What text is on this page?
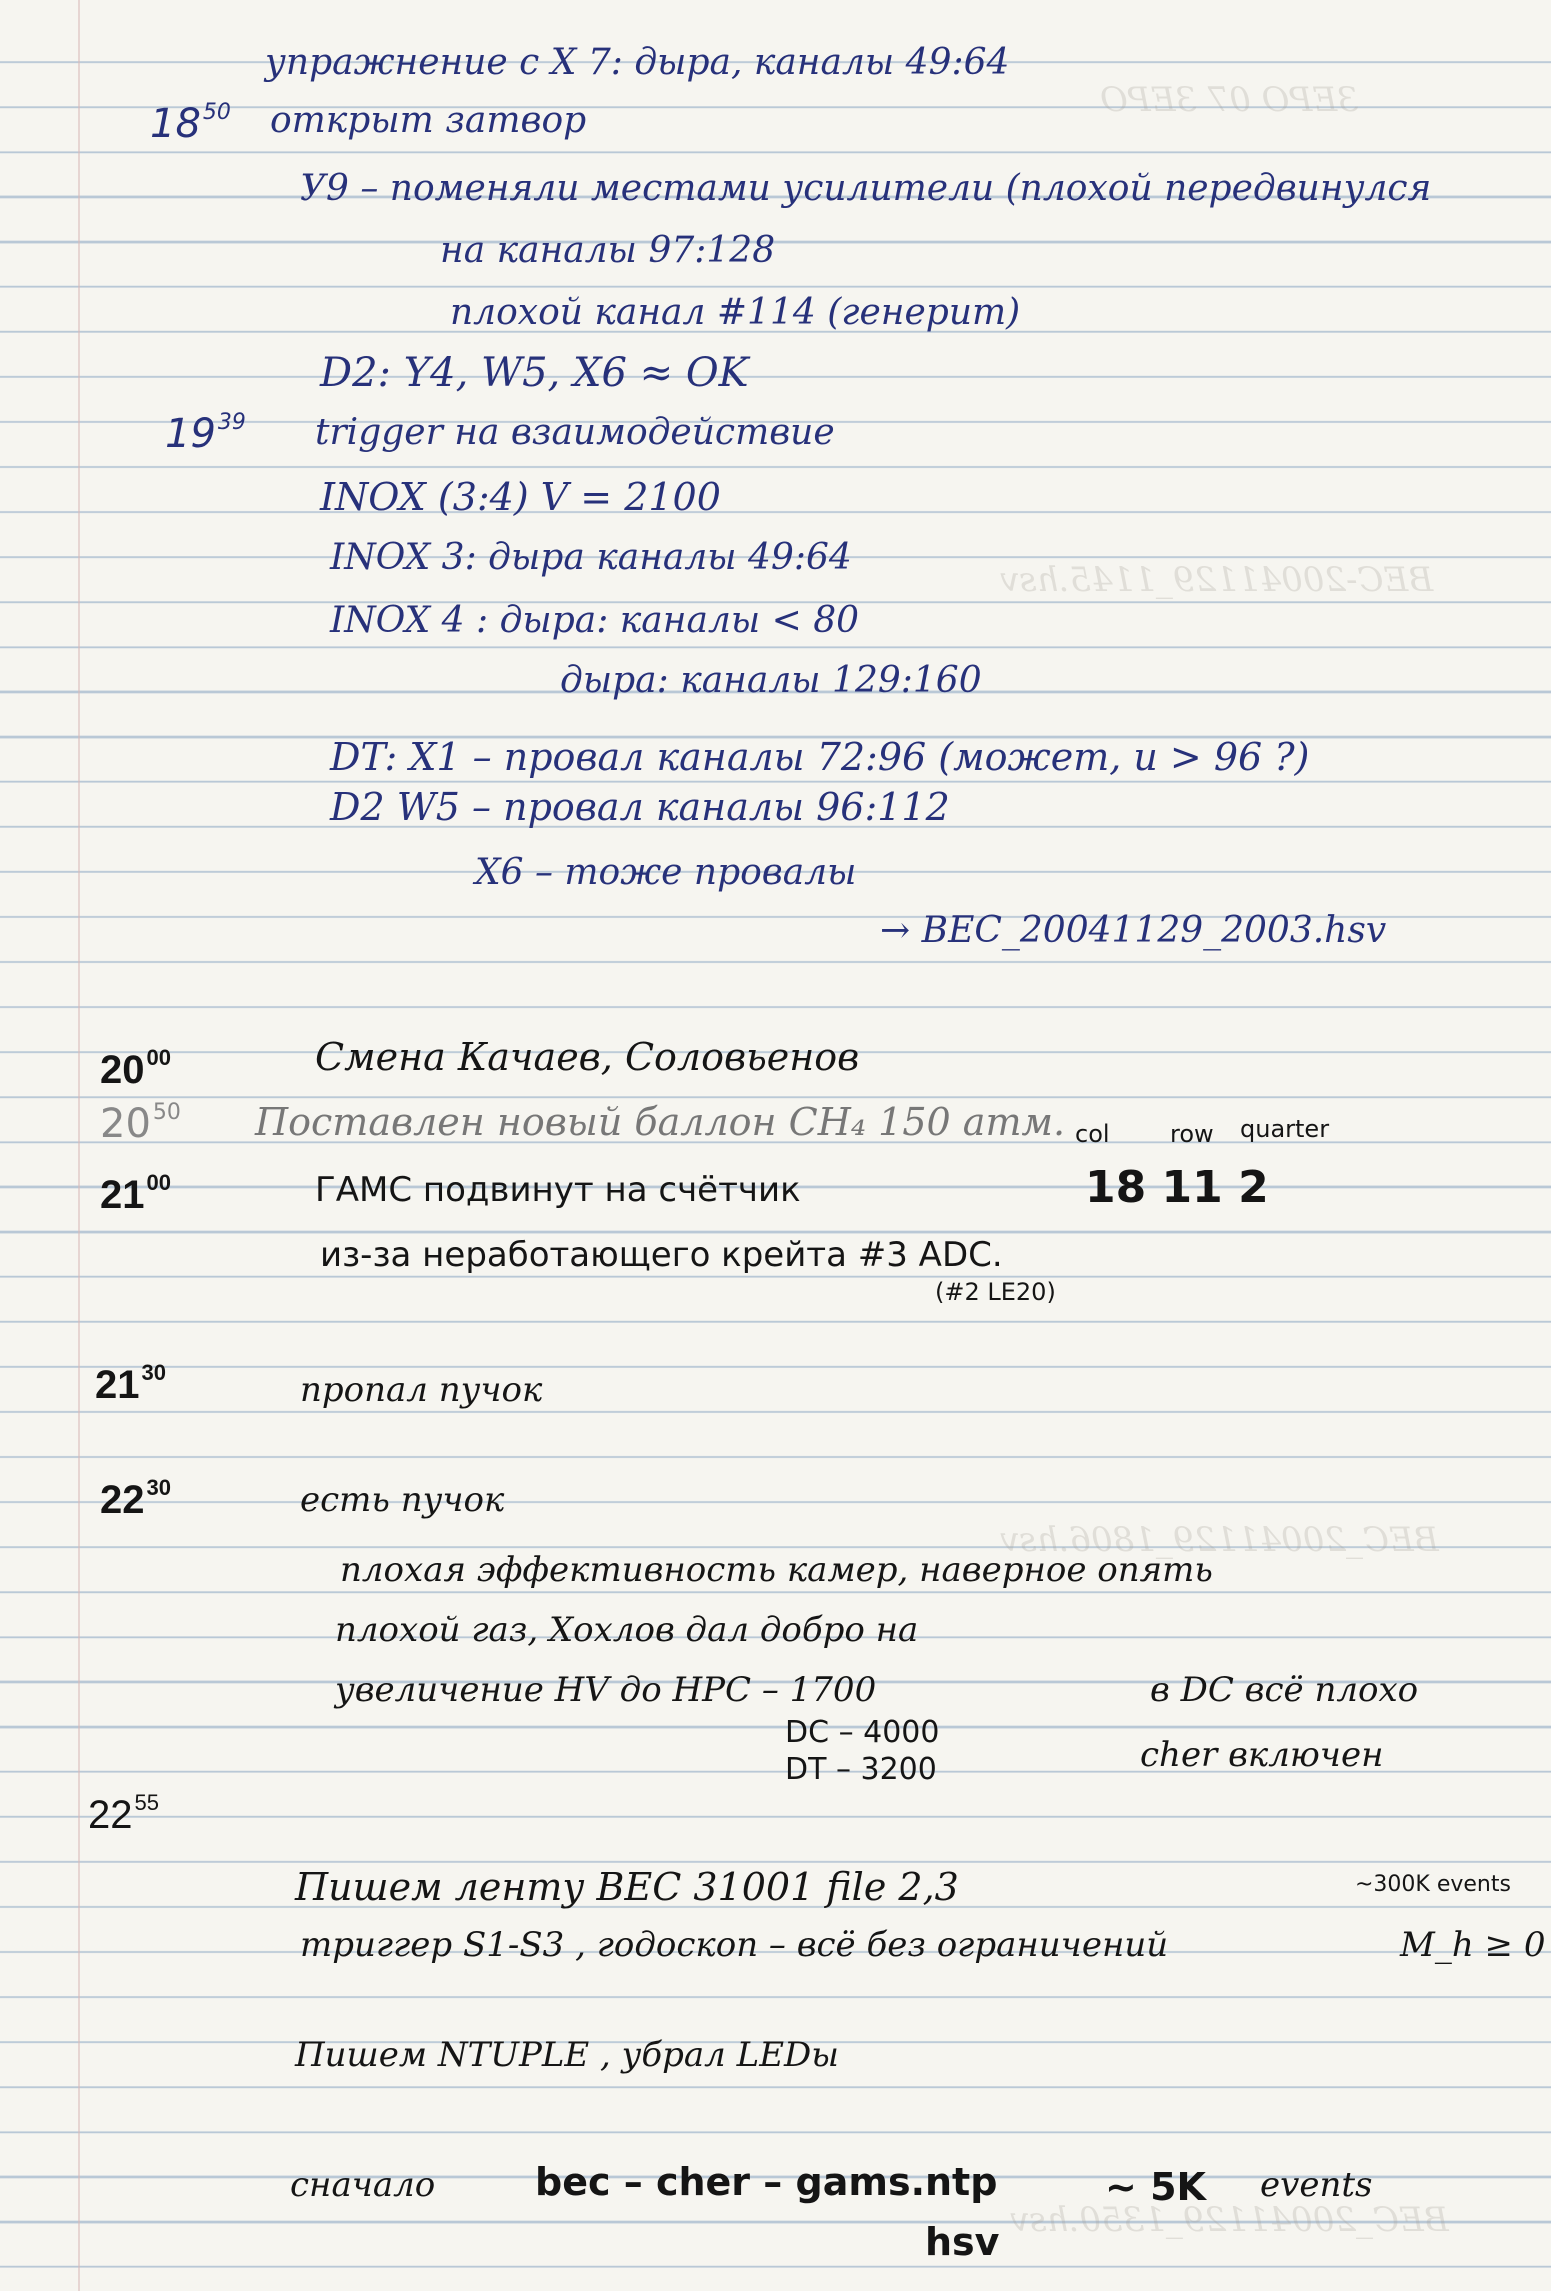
ЗЕРО 07 ЗЕРО
BEC-20041129_1145.hsv
BEC_20041129_1806.hsv
BEC_20041129_1350.hsv
$18^{50}$
упражнение с X 7: дыра, каналы 49:64
открыт затвор
У9 – поменяли местами усилители (плохой передвинулся
на каналы 97:128
плохой канал #114 (генерит)
D2: Y4, W5, X6 ≈ OK
$19^{39}$ trigger на взаимодействие
INOX (3:4) V = 2100
INOX 3: дыра каналы 49:64
INOX 4 : дыра: каналы < 80
дыра: каналы 129:160
DT: X1 – провал каналы 72:96 (может, и > 96 ?)
D2 W5 – провал каналы 96:112
X6 – тоже провалы
→ BEC_20041129_2003.hsv
$20^{00}$	Смена Качаев, Соловьенов
$20^{50}$ Поставлен новый баллон CH₄ 150 атм. col	row quarter
$21^{00}$	ГАМС подвинут на счётчик	18 11 2
из-за неработающего крейта #3 ADC.
(#2 LE20)
$21^{30}$	пропал пучок
$22^{30}$	есть пучок
плохая эффективность камер, наверное опять
плохой газ, Хохлов дал добро на
увеличение HV до HPC – 1700	в DC всё плохо
DC – 4000
DT – 3200	cher включен
$22^{55}$
Пишем ленту BEC 31001 file 2,3	~300K events
триггер S1-S3 , годоскоп – всё без ограничений	M_h ≥ 0
Пишем NTUPLE , убрал LEDы
сначало	bec – cher – gams. ntp
hsv
~ 5K events
